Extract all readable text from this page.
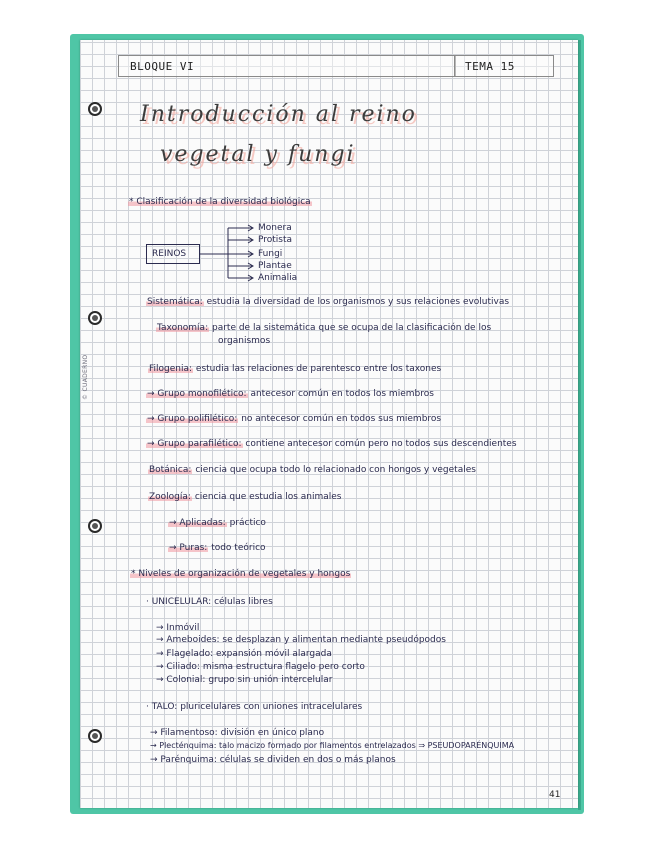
© CUADERNO
BLOQUE VI	TEMA 15
Introducción al reino
vegetal y fungi
* Clasificación de la diversidad biológica
REINOS
Monera
Protista
Fungi
Plantae
Animalia
Sistemática: estudia la diversidad de los organismos y sus relaciones evolutivas
Taxonomía: parte de la sistemática que se ocupa de la clasificación de los
organismos
Filogenia: estudia las relaciones de parentesco entre los taxones
→ Grupo monofilético: antecesor común en todos los miembros
→ Grupo polifilético: no antecesor común en todos sus miembros
→ Grupo parafilético: contiene antecesor común pero no todos sus descendientes
Botánica: ciencia que ocupa todo lo relacionado con hongos y vegetales
Zoología: ciencia que estudia los animales
→ Aplicadas: práctico
→ Puras: todo teórico
* Niveles de organización de vegetales y hongos
· UNICELULAR: células libres
→ Inmóvil
→ Ameboides: se desplazan y alimentan mediante pseudópodos
→ Flagelado: expansión móvil alargada
→ Ciliado: misma estructura flagelo pero corto
→ Colonial: grupo sin unión intercelular
· TALO: pluricelulares con uniones intracelulares
→ Filamentoso: división en único plano
→ Plecténquima: talo macizo formado por filamentos entrelazados ⇒ PSEUDOPARÉNQUIMA
→ Parénquima: células se dividen en dos o más planos
41
